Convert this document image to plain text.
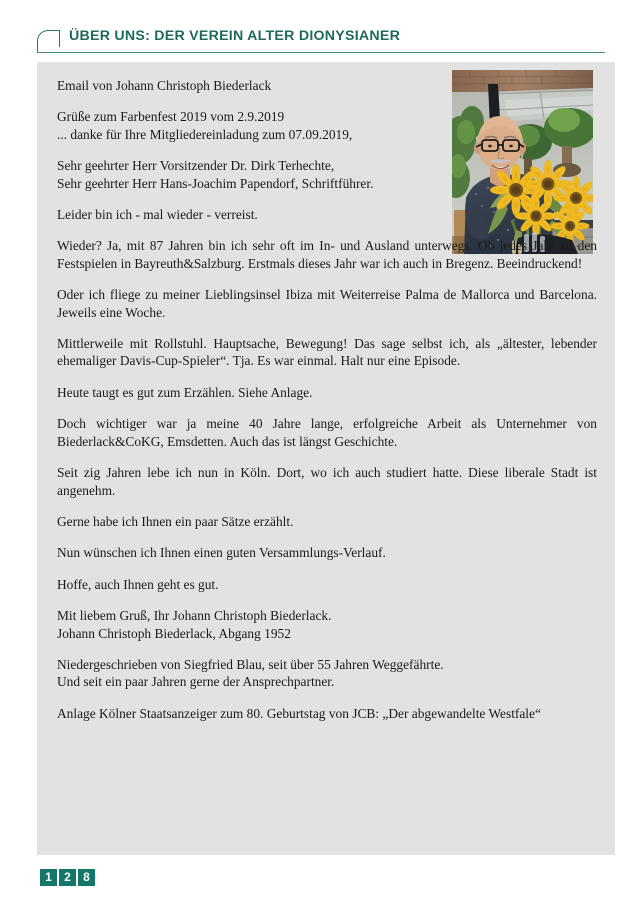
ÜBER UNS: DER VEREIN ALTER DIONYSIANER

Email von Johann Christoph Biederlack

Grüße zum Farbenfest 2019 vom 2.9.2019
... danke für Ihre Mitgliedereinladung zum 07.09.2019,

Sehr geehrter Herr Vorsitzender Dr. Dirk Terhechte,
Sehr geehrter Herr Hans-Joachim Papendorf, Schriftführer.

Leider bin ich - mal wieder - verreist.

Wieder? Ja, mit 87 Jahren bin ich sehr oft im In- und Ausland unterwegs. Ob jedes Jahr zu den Festspielen in Bayreuth&Salzburg. Erstmals dieses Jahr war ich auch in Bregenz. Beeindruckend!

Oder ich fliege zu meiner Lieblingsinsel Ibiza mit Weiterreise Palma de Mallorca und Barcelona. Jeweils eine Woche.

Mittlerweile mit Rollstuhl. Hauptsache, Bewegung! Das sage selbst ich, als „ältester, lebender ehemaliger Davis-Cup-Spieler“. Tja. Es war einmal. Halt nur eine Episode.

Heute taugt es gut zum Erzählen. Siehe Anlage.

Doch wichtiger war ja meine 40 Jahre lange, erfolgreiche Arbeit als Unternehmer von Biederlack&CoKG, Emsdetten. Auch das ist längst Geschichte.

Seit zig Jahren lebe ich nun in Köln. Dort, wo ich auch studiert hatte. Diese liberale Stadt ist angenehm.

Gerne habe ich Ihnen ein paar Sätze erzählt.

Nun wünschen ich Ihnen einen guten Versammlungs-Verlauf.

Hoffe, auch Ihnen geht es gut.

Mit liebem Gruß, Ihr Johann Christoph Biederlack.
Johann Christoph Biederlack, Abgang 1952

Niedergeschrieben von Siegfried Blau, seit über 55 Jahren Weggefährte.
Und seit ein paar Jahren gerne der Ansprechpartner.

Anlage Kölner Staatsanzeiger zum 80. Geburtstag von JCB: „Der abgewandelte Westfale“

1	2	8
